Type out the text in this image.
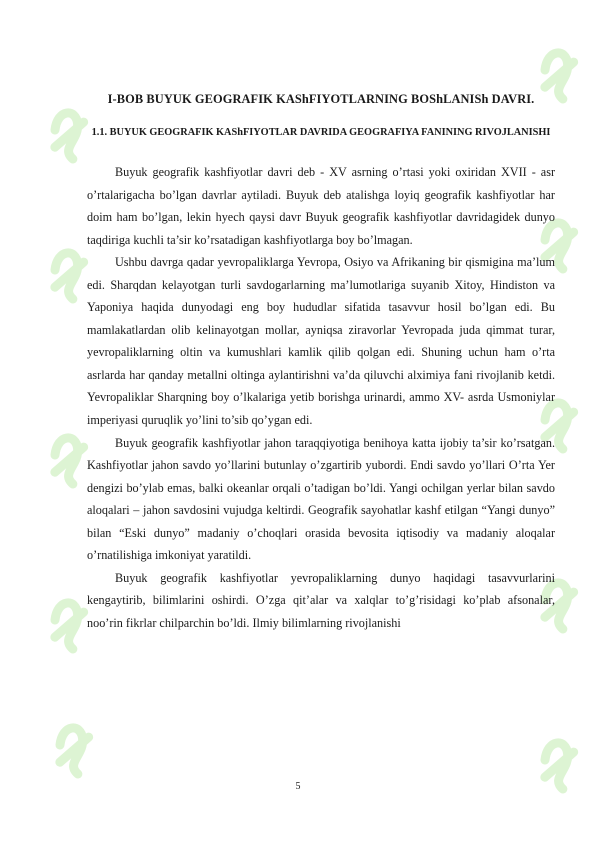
I-BOB BUYUK GEOGRAFIK KAShFIYOTLARNING BOShLANISh DAVRI.

1.1. BUYUK GEOGRAFIK KAShFIYOTLAR DAVRIDA GEOGRAFIYA FANINING RIVOJLANISHI

Buyuk geografik kashfiyotlar davri deb - XV asrning o’rtasi yoki oxiridan XVII - asr o’rtalarigacha bo’lgan davrlar aytiladi. Buyuk deb atalishga loyiq geografik kashfiyotlar har doim ham bo’lgan, lekin hyech qaysi davr Buyuk geografik kashfiyotlar davridagidek dunyo taqdiriga kuchli ta’sir ko’rsatadigan kashfiyotlarga boy bo’lmagan.

Ushbu davrga qadar yevropaliklarga Yevropa, Osiyo va Afrikaning bir qismigina ma’lum edi. Sharqdan kelayotgan turli savdogarlarning ma’lumotlariga suyanib Xitoy, Hindiston va Yaponiya haqida dunyodagi eng boy hududlar sifatida tasavvur hosil bo’lgan edi. Bu mamlakatlardan olib kelinayotgan mollar, ayniqsa ziravorlar Yevropada juda qimmat turar, yevropaliklarning oltin va kumushlari kamlik qilib qolgan edi. Shuning uchun ham o’rta asrlarda har qanday metallni oltinga aylantirishni va’da qiluvchi alximiya fani rivojlanib ketdi. Yevropaliklar Sharqning boy o’lkalariga yetib borishga urinardi, ammo XV- asrda Usmoniylar imperiyasi quruqlik yo’lini to’sib qo’ygan edi.

Buyuk geografik kashfiyotlar jahon taraqqiyotiga benihoya katta ijobiy ta’sir ko’rsatgan. Kashfiyotlar jahon savdo yo’llarini butunlay o’zgartirib yubordi. Endi savdo yo’llari O’rta Yer dengizi bo’ylab emas, balki okeanlar orqali o’tadigan bo’ldi. Yangi ochilgan yerlar bilan savdo aloqalari – jahon savdosini vujudga keltirdi. Geografik sayohatlar kashf etilgan “Yangi dunyo” bilan “Eski dunyo” madaniy o’choqlari orasida bevosita iqtisodiy va madaniy aloqalar o’rnatilishiga imkoniyat yaratildi.

Buyuk geografik kashfiyotlar yevropaliklarning dunyo haqidagi tasavvurlarini kengaytirib, bilimlarini oshirdi. O’zga qit’alar va xalqlar to’g’risidagi ko’plab afsonalar, noo’rin fikrlar chilparchin bo’ldi. Ilmiy bilimlarning rivojlanishi

5
